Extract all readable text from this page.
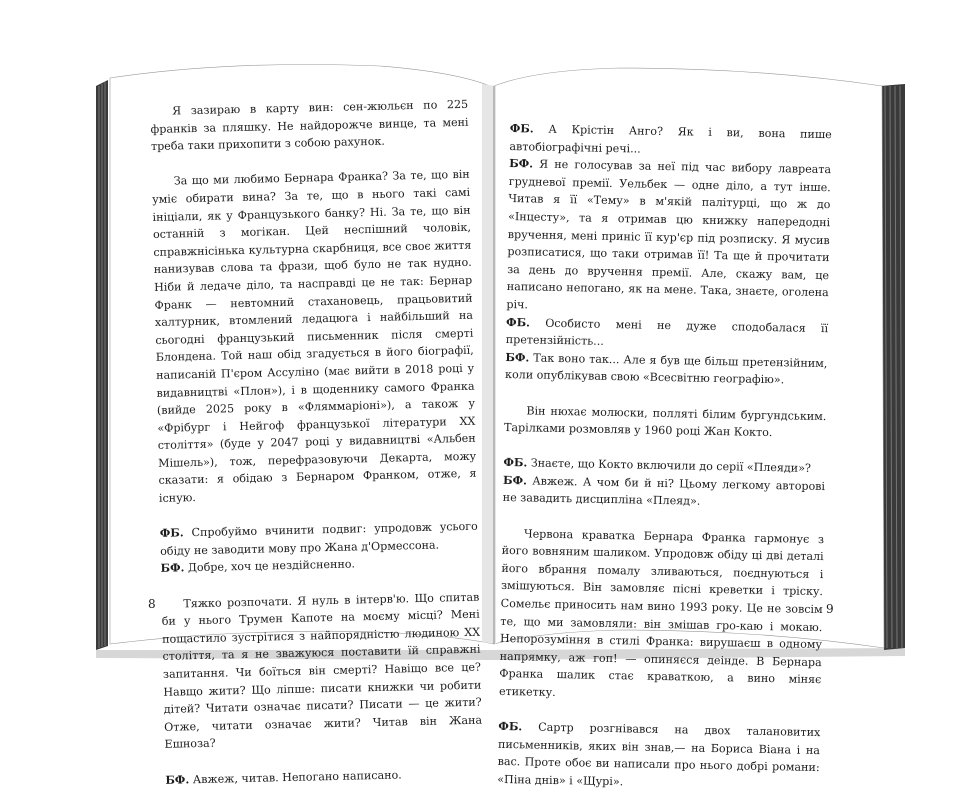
Я зазираю в карту вин: сен-жюльєн по 225 франків за пляшку. Не найдорожче винце, та мені треба таки прихопити з собою рахунок.

За що ми любимо Бернара Франка? За те, що він уміє обирати вина? За те, що в нього такі самі ініціали, як у Французького банку? Ні. За те, що він останній з могікан. Цей неспішний чоловік, справжнісінька культурна скарбниця, все своє життя нанизував слова та фрази, щоб було не так нудно. Ніби й ледаче діло, та насправді це не так: Бернар Франк — невтомний стахановець, працьовитий халтурник, втомлений ледацюга і найбільший на сьогодні французький письменник після смерті Блондена. Той наш обід згадується в його біографії, написаній П'єром Ассуліно (має вийти в 2018 році у видавництві «Плон»), і в щоденнику самого Франка (вийде 2025 року в «Фляммаріоні»), а також у «Фрібург і Нейгоф французької літератури XX століття» (буде у 2047 році у видавництві «Альбен Мішель»), тож, перефразовуючи Декарта, можу сказати: я обідаю з Бернаром Франком, отже, я існую.

ФБ. Спробуймо вчинити подвиг: упродовж усього обіду не заводити мову про Жана д'Ормессона.

БФ. Добре, хоч це нездійсненно.

Тяжко розпочати. Я нуль в інтерв'ю. Що спитав би у нього Трумен Капоте на моєму місці? Мені пощастило зустрітися з найпорядністю людиною XX століття, та я не зважуюся поставити їй справжні запитання. Чи боїться він смерті? Навіщо все це? Навщо жити? Що ліпше: писати книжки чи робити дітей? Читати означає писати? Писати — це жити? Отже, читати означає жити? Читав він Жана Ешноза?

БФ. Авжеж, читав. Непогано написано.

ФБ. А Крістін Анго? Як і ви, вона пише автобіографічні речі...

БФ. Я не голосував за неї під час вибору лавреата грудневої премії. Уельбек — одне діло, а тут інше. Читав я її «Тему» в м'якій палітурці, що ж до «Інцесту», та я отримав цю книжку напередодні вручення, мені приніс її кур'єр під розписку. Я мусив розписатися, що таки отримав її! Та ще й прочитати за день до вручення премії. Але, скажу вам, це написано непогано, як на мене. Така, знаєте, оголена річ.

ФБ. Особисто мені не дуже сподобалася її претензійність...

БФ. Так воно так... Але я був ще більш претензійним, коли опублікував свою «Всесвітню географію».

Він нюхає молюски, полляті білим бургундським. Тарілками розмовляв у 1960 році Жан Кокто.

ФБ. Знаєте, що Кокто включили до серії «Плеяди»?

БФ. Авжеж. А чом би й ні? Цьому легкому авторові не завадить дисципліна «Плеяд».

Червона краватка Бернара Франка гармонує з його вовняним шаликом. Упродовж обіду ці дві деталі його вбрання помалу зливаються, поєднуються і змішуються. Він замовляє пісні креветки і тріску. Сомельє приносить нам вино 1993 року. Це не зовсім те, що ми замовляли: він змішав гро-каю і мокаю. Непорозуміння в стилі Франка: вирушаєш в одному напрямку, аж гоп! — опиняєся деінде. В Бернара Франка шалик стає краваткою, а вино міняє етикетку.

ФБ. Сартр розгнівався на двох талановитих письменників, яких він знав,— на Бориса Віана і на вас. Проте обоє ви написали про нього добрі романи: «Піна днів» і «Щурі».

8	9
